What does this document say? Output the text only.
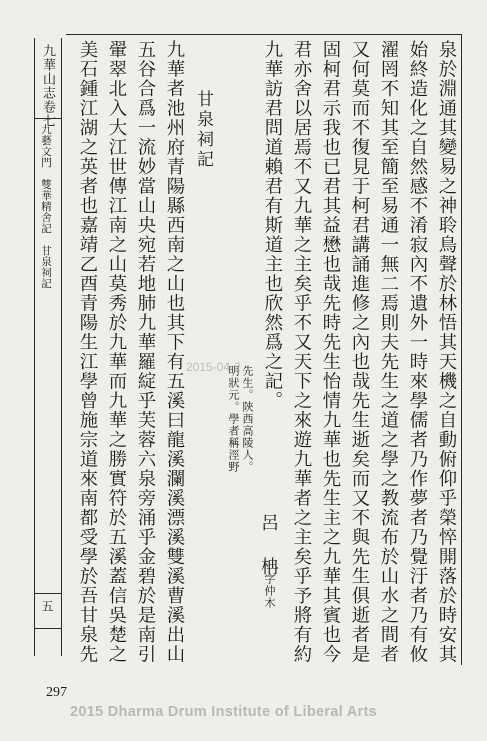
九華山志卷七
九藝文門　雙華精舍記　甘泉祠記
五	泉於淵通其變易之神聆鳥聲於林悟其天機之自動俯仰乎榮悴開落於時安其
始終造化之自然感不淆寂內不遺外一時來學儒者乃作夢者乃覺汙者乃有攸
濯罔不知其至簡至易通一無二焉則夫先生之道之學之教流布於山水之間者
又何莫而不復見于柯君講誦進修之內也哉先生逝矣而又不與先生俱逝者是
固柯君示我也已君其益懋也哉先時先生怡情九華也先生主之九華其賓也今
君亦舍以居焉不又九華之主矣乎不又天下之來遊九華者之主矣乎予將有約
九華訪君問道賴君有斯道主也欣然爲之記。
明狀元。學者稱涇野 先生。陝西高陵人。
呂　柟
字仲木
甘泉祠記
九華者池州府青陽縣西南之山也其下有五溪曰龍溪瀾溪漂溪雙溪曹溪出山
五谷合爲一流妙當山央宛若地肺九華羅綻乎芙蓉六泉旁涌乎金碧於是南引
翬翠北入大江世傳江南之山莫秀於九華而九華之勝實符於五溪蓋信吳楚之
美石鍾江湖之英者也嘉靖乙酉青陽生江學曾施宗道來南都受學於吾甘泉先	2015-04-2
297
2015 Dharma Drum Institute of Liberal Arts
